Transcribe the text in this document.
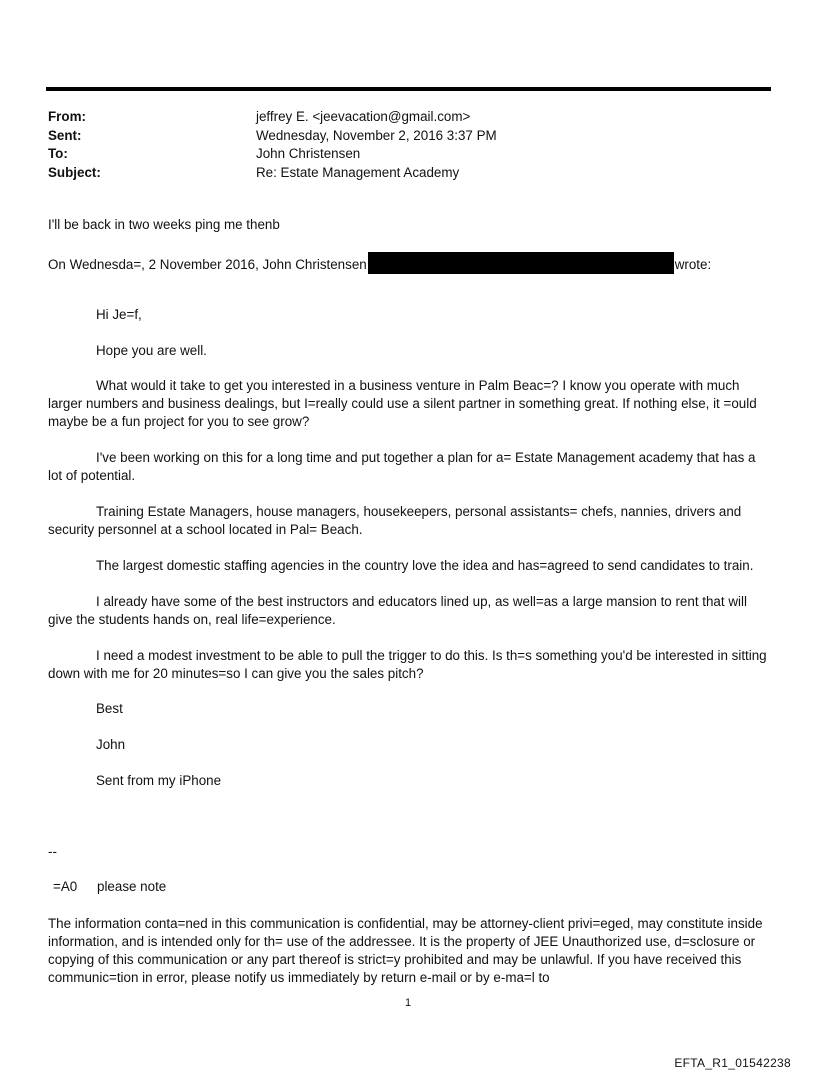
From:	jeffrey E. <jeevacation@gmail.com>
Sent:	Wednesday, November 2, 2016 3:37 PM
To:	John Christensen
Subject:	Re: Estate Management Academy
I'll be back in two weeks ping me thenb
On Wednesda=, 2 November 2016, John Christensen	wrote:
Hi Je=f,
Hope you are well.
What would it take to get you interested in a business venture in Palm Beac=? I know you operate with much larger numbers and business dealings, but I=really could use a silent partner in something great. If nothing else, it =ould maybe be a fun project for you to see grow?
I've been working on this for a long time and put together a plan for a= Estate Management academy that has a lot of potential.
Training Estate Managers, house managers, housekeepers, personal assistants= chefs, nannies, drivers and security personnel at a school located in Pal= Beach.
The largest domestic staffing agencies in the country love the idea and has=agreed to send candidates to train.
I already have some of the best instructors and educators lined up, as well=as a large mansion to rent that will give the students hands on, real life=experience.
I need a modest investment to be able to pull the trigger to do this. Is th=s something you'd be interested in sitting down with me for 20 minutes=so I can give you the sales pitch?
Best
John
Sent from my iPhone
--
=A0 please note
The information conta=ned in this communication is confidential, may be attorney-client privi=eged, may constitute inside information, and is intended only for th= use of the addressee. It is the property of JEE Unauthorized use, d=sclosure or copying of this communication or any part thereof is strict=y prohibited and may be unlawful. If you have received this communic=tion in error, please notify us immediately by return e-mail or by e-ma=l to
1
EFTA_R1_01542238
